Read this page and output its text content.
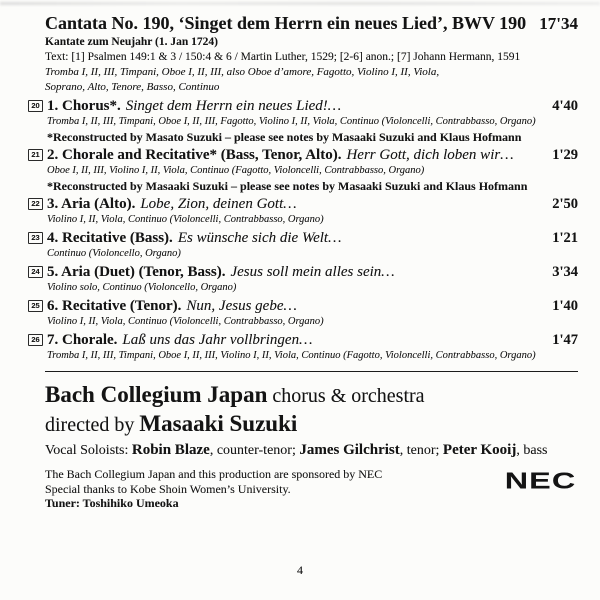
Cantata No. 190, ‘Singet dem Herrn ein neues Lied’, BWV 190 17'34
Kantate zum Neujahr (1. Jan 1724)
Text: [1] Psalmen 149:1 & 3 / 150:4 & 6 / Martin Luther, 1529; [2-6] anon.; [7] Johann Hermann, 1591
Tromba I, II, III, Timpani, Oboe I, II, III, also Oboe d’amore, Fagotto, Violino I, II, Viola,
Soprano, Alto, Tenore, Basso, Continuo
20 1. Chorus*. Singet dem Herrn ein neues Lied!…	4'40
Tromba I, II, III, Timpani, Oboe I, II, III, Fagotto, Violino I, II, Viola, Continuo (Violoncelli, Contrabbasso, Organo)
*Reconstructed by Masato Suzuki – please see notes by Masaaki Suzuki and Klaus Hofmann
21 2. Chorale and Recitative* (Bass, Tenor, Alto). Herr Gott, dich loben wir…	1'29
Oboe I, II, III, Violino I, II, Viola, Continuo (Fagotto, Violoncelli, Contrabbasso, Organo)
*Reconstructed by Masaaki Suzuki – please see notes by Masaaki Suzuki and Klaus Hofmann
22 3. Aria (Alto). Lobe, Zion, deinen Gott…	2'50
Violino I, II, Viola, Continuo (Violoncelli, Contrabbasso, Organo)
23 4. Recitative (Bass). Es wünsche sich die Welt…	1'21
Continuo (Violoncello, Organo)
24 5. Aria (Duet) (Tenor, Bass). Jesus soll mein alles sein…	3'34
Violino solo, Continuo (Violoncello, Organo)
25 6. Recitative (Tenor). Nun, Jesus gebe…	1'40
Violino I, II, Viola, Continuo (Violoncelli, Contrabbasso, Organo)
26 7. Chorale. Laß uns das Jahr vollbringen…	1'47
Tromba I, II, III, Timpani, Oboe I, II, III, Violino I, II, Viola, Continuo (Fagotto, Violoncelli, Contrabbasso, Organo)
Bach Collegium Japan chorus & orchestra
directed by Masaaki Suzuki
Vocal Soloists: Robin Blaze, counter-tenor; James Gilchrist, tenor; Peter Kooij, bass
The Bach Collegium Japan and this production are sponsored by NEC
Special thanks to Kobe Shoin Women’s University.
Tuner: Toshihiko Umeoka
NEC
4
